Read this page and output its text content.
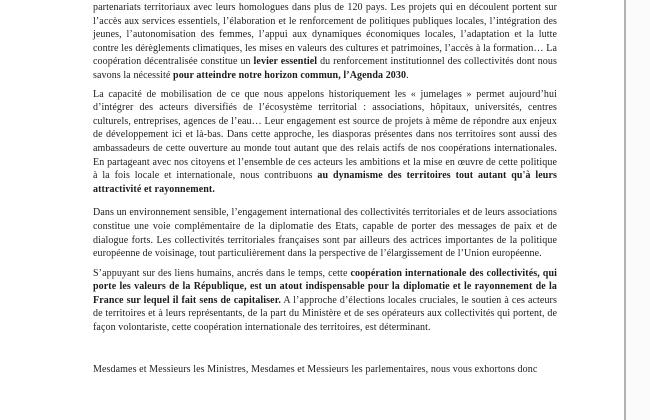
partenariats territoriaux avec leurs homologues dans plus de 120 pays. Les projets qui en découlent portent sur l’accès aux services essentiels, l’élaboration et le renforcement de politiques publiques locales, l’intégration des jeunes, l’autonomisation des femmes, l’appui aux dynamiques économiques locales, l’adaptation et la lutte contre les dérèglements climatiques, les mises en valeurs des cultures et patrimoines, l’accès à la formation… La coopération décentralisée constitue un levier essentiel du renforcement institutionnel des collectivités dont nous savons la nécessité pour atteindre notre horizon commun, l’Agenda 2030.

La capacité de mobilisation de ce que nous appelons historiquement les « jumelages » permet aujourd’hui d’intégrer des acteurs diversifiés de l’écosystème territorial : associations, hôpitaux, universités, centres culturels, entreprises, agences de l’eau… Leur engagement est source de projets à même de répondre aux enjeux de développement ici et là-bas. Dans cette approche, les diasporas présentes dans nos territoires sont aussi des ambassadeurs de cette ouverture au monde tout autant que des relais actifs de nos coopérations internationales. En partageant avec nos citoyens et l’ensemble de ces acteurs les ambitions et la mise en œuvre de cette politique à la fois locale et internationale, nous contribuons au dynamisme des territoires tout autant qu'à leurs attractivité et rayonnement.

Dans un environnement sensible, l’engagement international des collectivités territoriales et de leurs associations constitue une voie complémentaire de la diplomatie des Etats, capable de porter des messages de paix et de dialogue forts. Les collectivités territoriales françaises sont par ailleurs des actrices importantes de la politique européenne de voisinage, tout particulièrement dans la perspective de l’élargissement de l’Union européenne.

S’appuyant sur des liens humains, ancrés dans le temps, cette coopération internationale des collectivités, qui porte les valeurs de la République, est un atout indispensable pour la diplomatie et le rayonnement de la France sur lequel il fait sens de capitaliser. A l’approche d’élections locales cruciales, le soutien à ces acteurs de territoires et à leurs représentants, de la part du Ministère et de ses opérateurs aux collectivités qui portent, de façon volontariste, cette coopération internationale des territoires, est déterminant.

Mesdames et Messieurs les Ministres, Mesdames et Messieurs les parlementaires, nous vous exhortons donc
